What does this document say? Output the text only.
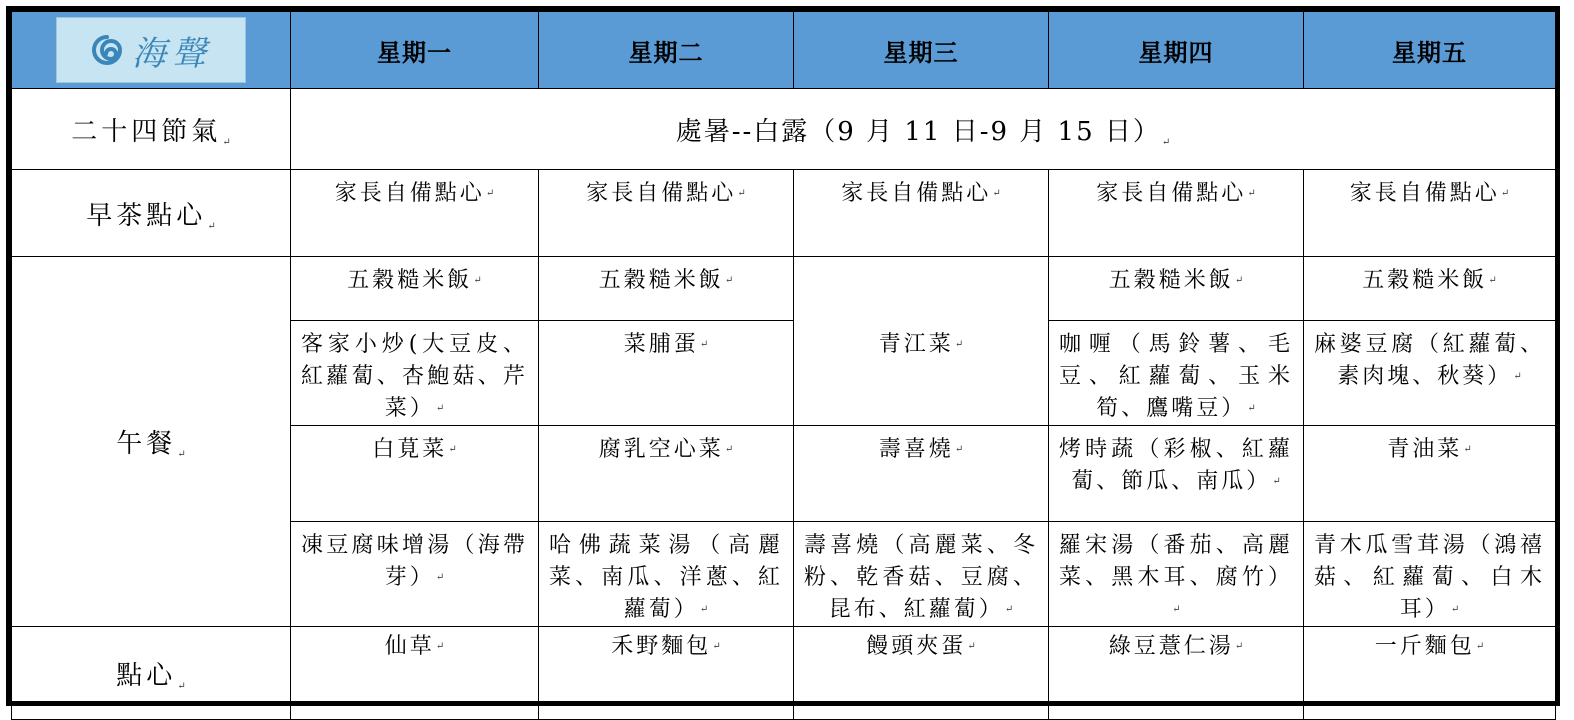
海聲	星期一	星期二	星期三	星期四	星期五
二十四節氣↵	處暑--白露（9 月 11 日-9 月 15 日）↵				
早茶點心↵	家長自備點心↵	家長自備點心↵	家長自備點心↵	家長自備點心↵	家長自備點心↵

午餐↵	五穀糙米飯↵	五穀糙米飯↵	青江菜↵	五穀糙米飯↵	五穀糙米飯↵

	客家小炒(大豆皮、紅蘿蔔、杏鮑菇、芹菜）↵	菜脯蛋↵		咖喱（馬鈴薯、毛豆、紅蘿蔔、玉米筍、鷹嘴豆）↵	麻婆豆腐（紅蘿蔔、素肉塊、秋葵）↵

	白莧菜↵	腐乳空心菜↵	壽喜燒↵	烤時蔬（彩椒、紅蘿蔔、節瓜、南瓜）↵	青油菜↵

	凍豆腐味增湯（海帶芽）↵	哈佛蔬菜湯（高麗菜、南瓜、洋蔥、紅蘿蔔）↵	壽喜燒（高麗菜、冬粉、乾香菇、豆腐、昆布、紅蘿蔔）↵	羅宋湯（番茄、高麗菜、黑木耳、腐竹）↵	青木瓜雪茸湯（鴻禧菇、紅蘿蔔、白木耳）↵

點心↵	仙草↵	禾野麵包↵	饅頭夾蛋↵	綠豆薏仁湯↵	一斤麵包↵
